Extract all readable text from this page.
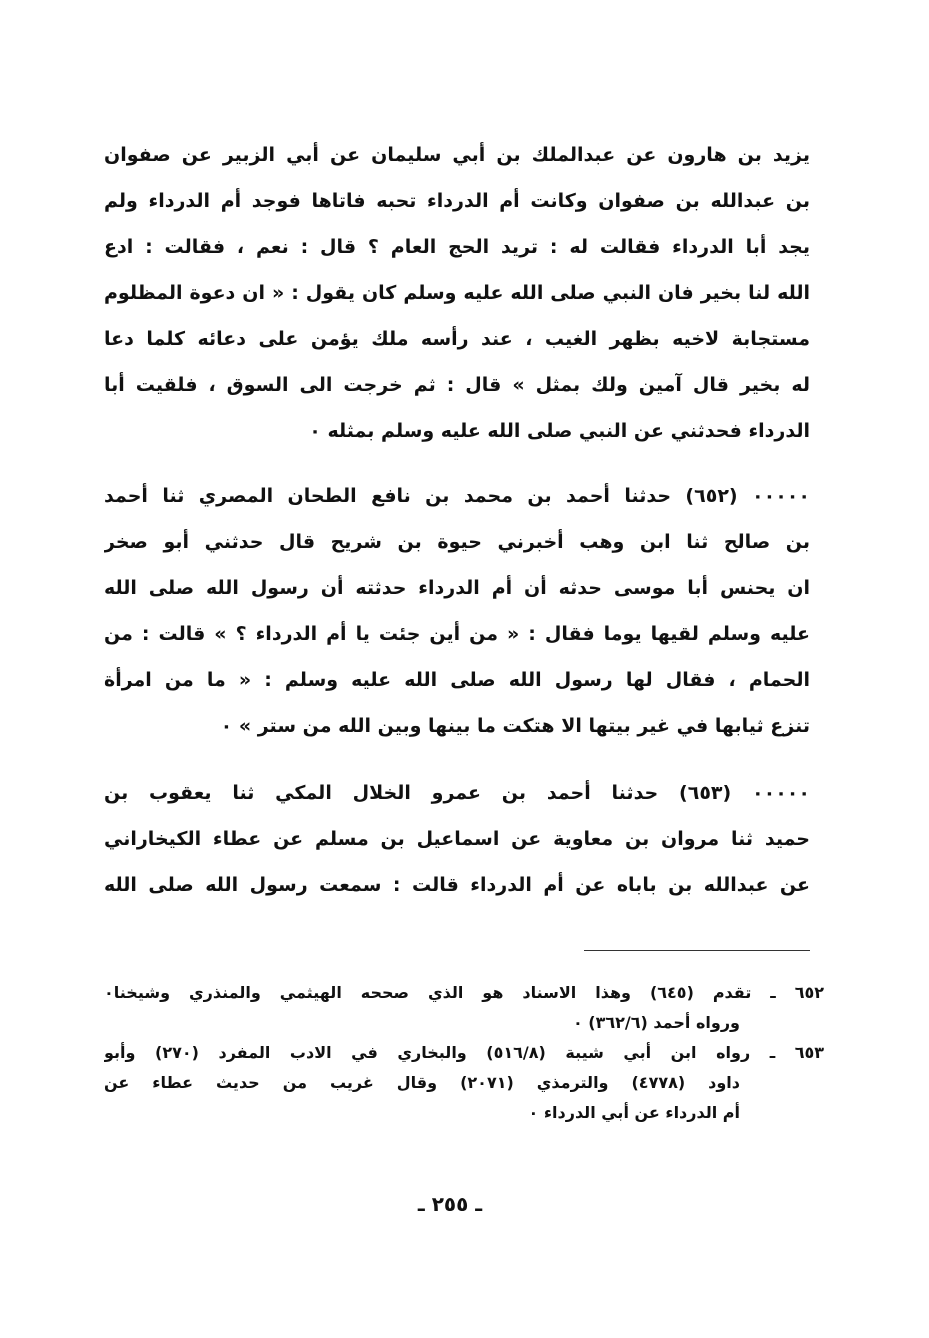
يزيد بن هارون عن عبدالملك بن أبي سليمان عن أبي الزبير عن صفوان
بن عبدالله بن صفوان وكانت أم الدرداء تحبه فاتاها فوجد أم الدرداء ولم
يجد أبا الدرداء فقالت له : تريد الحج العام ؟ قال : نعم ، فقالت : ادع
الله لنا بخير فان النبي صلى الله عليه وسلم كان يقول : « ان دعوة المظلوم
مستجابة لاخيه بظهر الغيب ، عند رأسه ملك يؤمن على دعائه كلما دعا
له بخير قال آمين ولك بمثل » قال : ثم خرجت الى السوق ، فلقيت أبا
الدرداء فحدثني عن النبي صلى الله عليه وسلم بمثله ٠
٠٠٠٠٠ (٦٥٢) حدثنا أحمد بن محمد بن نافع الطحان المصري ثنا أحمد
بن صالح ثنا ابن وهب أخبرني حيوة بن شريح قال حدثني أبو صخر
ان يحنس أبا موسى حدثه أن أم الدرداء حدثته أن رسول الله صلى الله
عليه وسلم لقيها يوما فقال : « من أين جئت يا أم الدرداء ؟ » قالت : من
الحمام ، فقال لها رسول الله صلى الله عليه وسلم : « ما من امرأة
تنزع ثيابها في غير بيتها الا هتكت ما بينها وبين الله من ستر » ٠
٠٠٠٠٠ (٦٥٣) حدثنا أحمد بن عمرو الخلال المكي ثنا يعقوب بن
حميد ثنا مروان بن معاوية عن اسماعيل بن مسلم عن عطاء الكيخاراني
عن عبدالله بن باباه عن أم الدرداء قالت : سمعت رسول الله صلى الله
٦٥٢ ـ تقدم (٦٤٥) وهذا الاسناد هو الذي صححه الهيثمي والمنذري وشيخنا٠
ورواه أحمد (٣٦٢/٦) ٠
٦٥٣ ـ رواه ابن أبي شيبة (٥١٦/٨) والبخاري في الادب المفرد (٢٧٠) وأبو
داود (٤٧٧٨) والترمذي (٢٠٧١) وقال غريب من حديث عطاء عن
أم الدرداء عن أبي الدرداء ٠
ـ ٢٥٥ ـ
